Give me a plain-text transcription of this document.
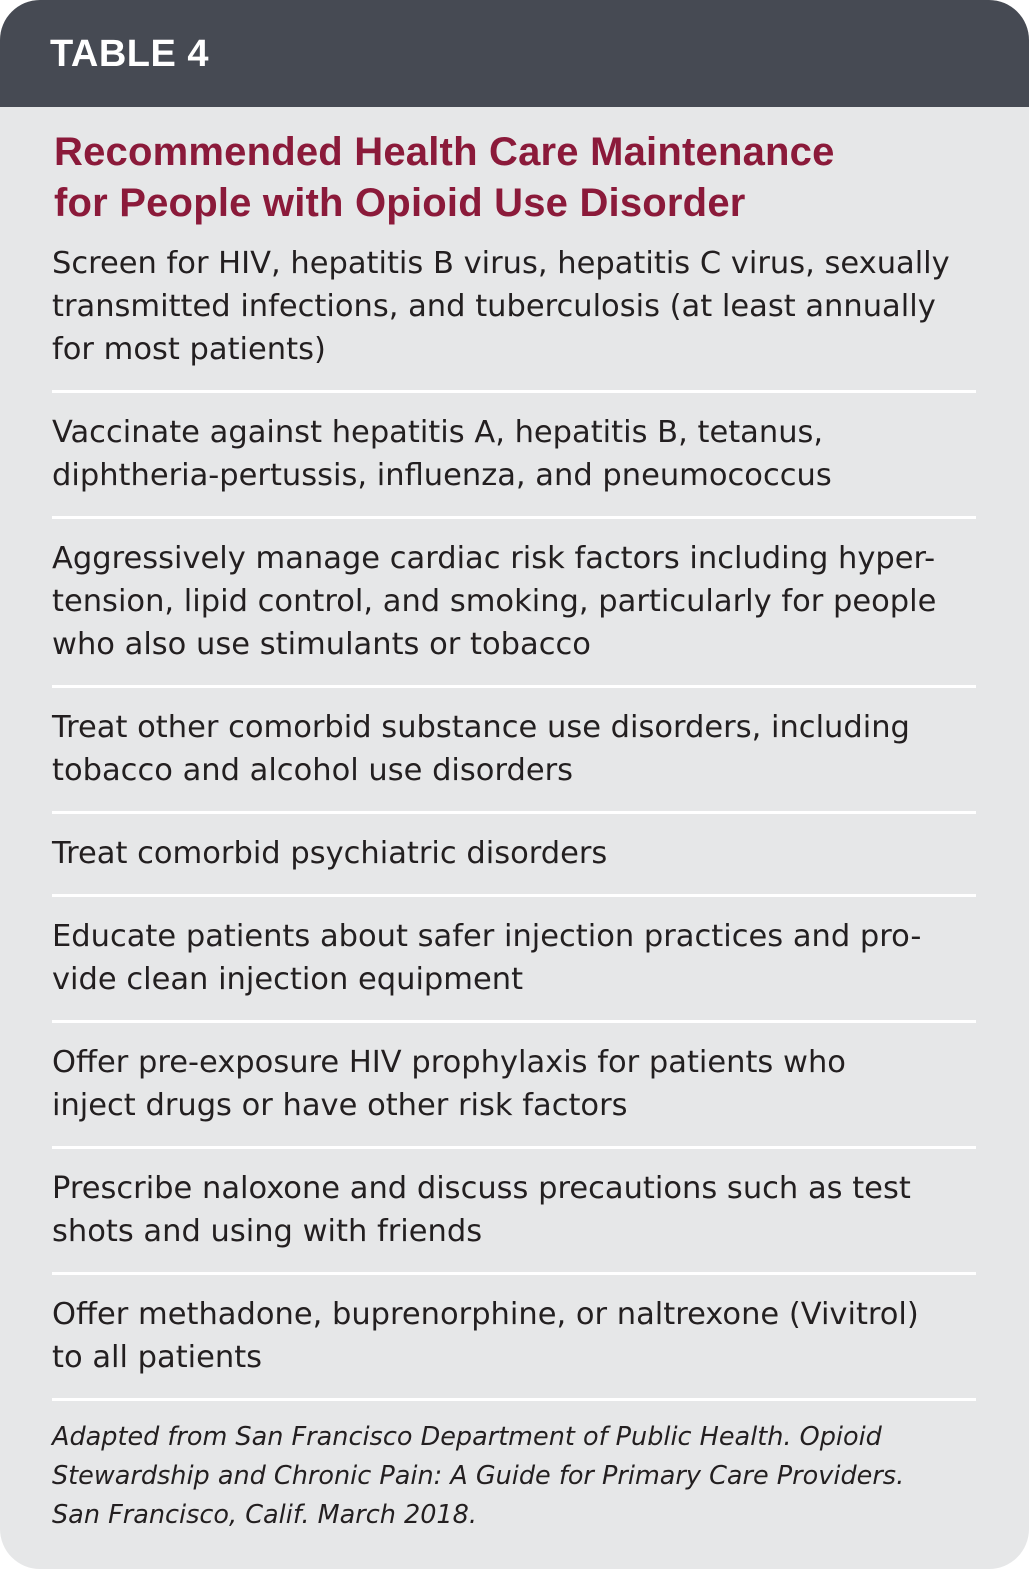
TABLE 4
Recommended Health Care Maintenance
for People with Opioid Use Disorder
Screen for HIV, hepatitis B virus, hepatitis C virus, sexually
transmitted infections, and tuberculosis (at least annually
for most patients)
Vaccinate against hepatitis A, hepatitis B, tetanus,
diphtheria-pertussis, influenza, and pneumococcus
Aggressively manage cardiac risk factors including hyper-
tension, lipid control, and smoking, particularly for people
who also use stimulants or tobacco
Treat other comorbid substance use disorders, including
tobacco and alcohol use disorders
Treat comorbid psychiatric disorders
Educate patients about safer injection practices and pro-
vide clean injection equipment
Offer pre-exposure HIV prophylaxis for patients who
inject drugs or have other risk factors
Prescribe naloxone and discuss precautions such as test
shots and using with friends
Offer methadone, buprenorphine, or naltrexone (Vivitrol)
to all patients
Adapted from San Francisco Department of Public Health. Opioid
Stewardship and Chronic Pain: A Guide for Primary Care Providers.
San Francisco, Calif. March 2018.
